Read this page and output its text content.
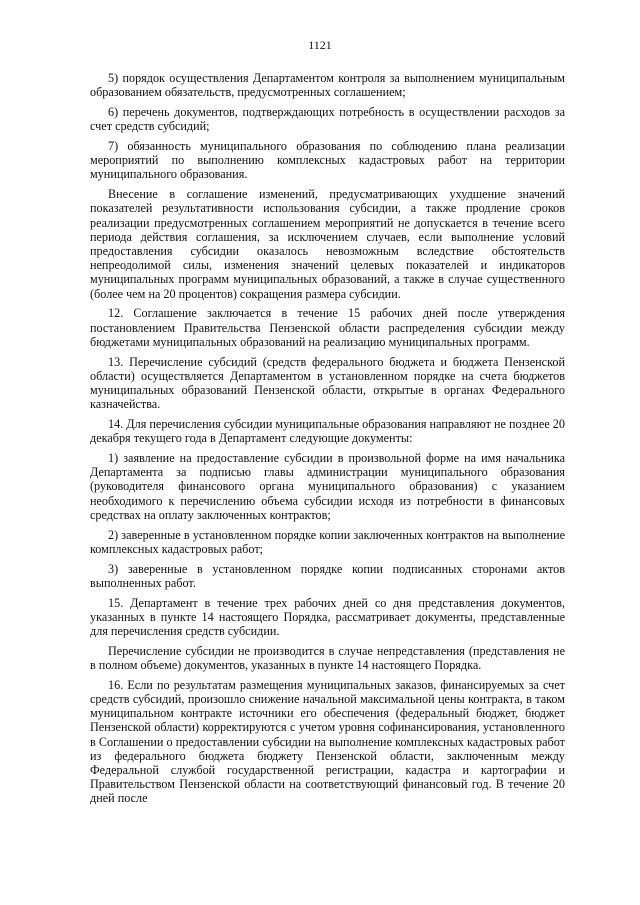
1121

5) порядок осуществления Департаментом контроля за выполнением муниципальным образованием обязательств, предусмотренных соглашением;

6) перечень документов, подтверждающих потребность в осуществлении расходов за счет средств субсидий;

7) обязанность муниципального образования по соблюдению плана реализации мероприятий по выполнению комплексных кадастровых работ на территории муниципального образования.

Внесение в соглашение изменений, предусматривающих ухудшение значений показателей результативности использования субсидии, а также продление сроков реализации предусмотренных соглашением мероприятий не допускается в течение всего периода действия соглашения, за исключением случаев, если выполнение условий предоставления субсидии оказалось невозможным вследствие обстоятельств непреодолимой силы, изменения значений целевых показателей и индикаторов муниципальных программ муниципальных образований, а также в случае существенного (более чем на 20 процентов) сокращения размера субсидии.

12. Соглашение заключается в течение 15 рабочих дней после утверждения постановлением Правительства Пензенской области распределения субсидии между бюджетами муниципальных образований на реализацию муниципальных программ.

13. Перечисление субсидий (средств федерального бюджета и бюджета Пензенской области) осуществляется Департаментом в установленном порядке на счета бюджетов муниципальных образований Пензенской области, открытые в органах Федерального казначейства.

14. Для перечисления субсидии муниципальные образования направляют не позднее 20 декабря текущего года в Департамент следующие документы:

1) заявление на предоставление субсидии в произвольной форме на имя начальника Департамента за подписью главы администрации муниципального образования (руководителя финансового органа муниципального образования) с указанием необходимого к перечислению объема субсидии исходя из потребности в финансовых средствах на оплату заключенных контрактов;

2) заверенные в установленном порядке копии заключенных контрактов на выполнение комплексных кадастровых работ;

3) заверенные в установленном порядке копии подписанных сторонами актов выполненных работ.

15. Департамент в течение трех рабочих дней со дня представления документов, указанных в пункте 14 настоящего Порядка, рассматривает документы, представленные для перечисления средств субсидии.

Перечисление субсидии не производится в случае непредставления (представления не в полном объеме) документов, указанных в пункте 14 настоящего Порядка.

16. Если по результатам размещения муниципальных заказов, финансируемых за счет средств субсидий, произошло снижение начальной максимальной цены контракта, в таком муниципальном контракте источники его обеспечения (федеральный бюджет, бюджет Пензенской области) корректируются с учетом уровня софинансирования, установленного в Соглашении о предоставлении субсидии на выполнение комплексных кадастровых работ из федерального бюджета бюджету Пензенской области, заключенным между Федеральной службой государственной регистрации, кадастра и картографии и Правительством Пензенской области на соответствующий финансовый год. В течение 20 дней после
